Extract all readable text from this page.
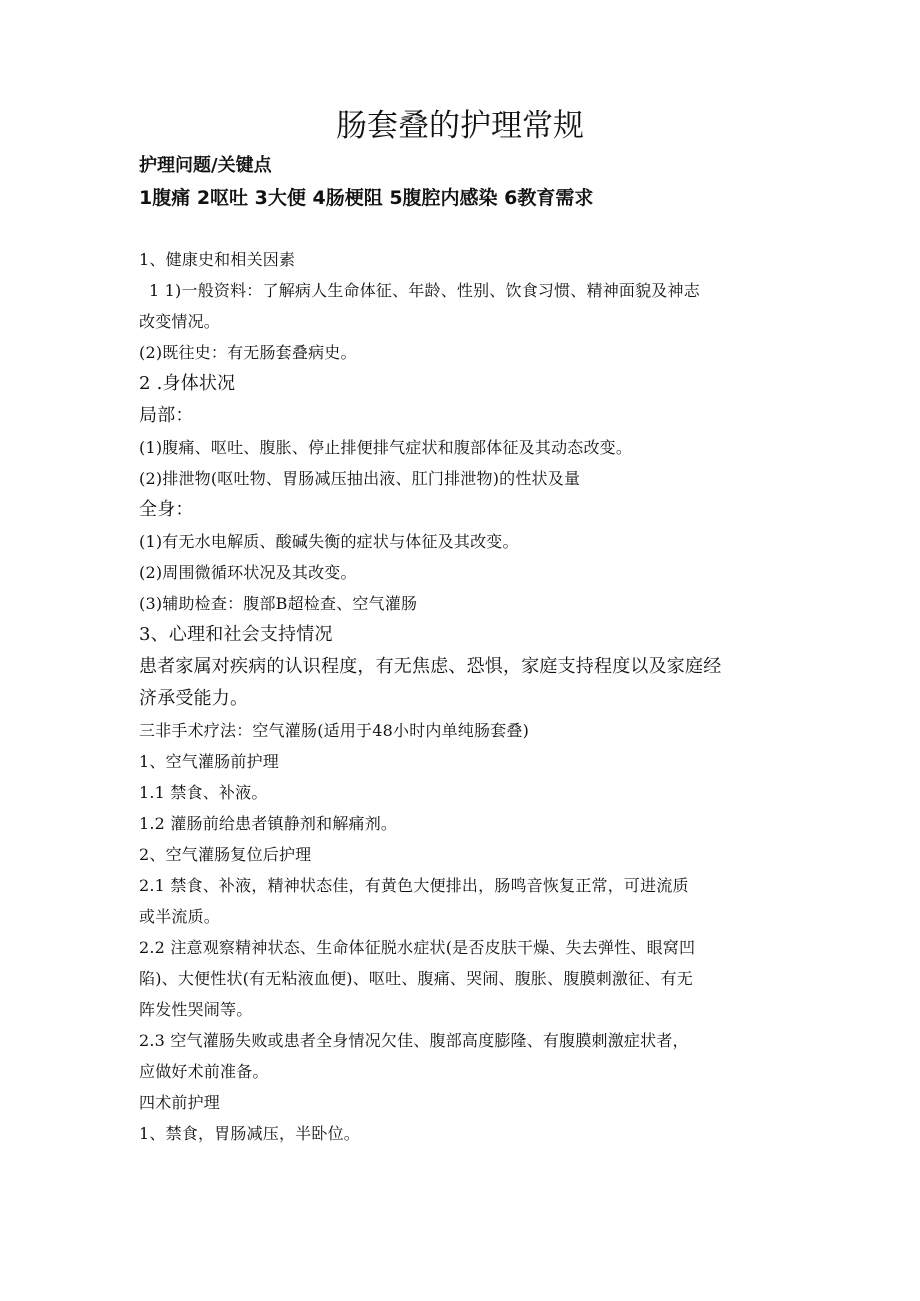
肠套叠的护理常规
护理问题/关键点
1腹痛 2呕吐 3大便 4肠梗阻 5腹腔内感染 6教育需求
1、健康史和相关因素
1 1)一般资料：了解病人生命体征、年龄、性别、饮食习惯、精神面貌及神志
改变情况。
(2)既往史：有无肠套叠病史。
2 .身体状况
局部：
(1)腹痛、呕吐、腹胀、停止排便排气症状和腹部体征及其动态改变。
(2)排泄物(呕吐物、胃肠减压抽出液、肛门排泄物)的性状及量
全身：
(1)有无水电解质、酸碱失衡的症状与体征及其改变。
(2)周围微循环状况及其改变。
(3)辅助检查：腹部B超检查、空气灌肠
3、心理和社会支持情况
患者家属对疾病的认识程度，有无焦虑、恐惧，家庭支持程度以及家庭经
济承受能力。
三非手术疗法：空气灌肠(适用于48小时内单纯肠套叠)
1、空气灌肠前护理
1.1 禁食、补液。
1.2 灌肠前给患者镇静剂和解痛剂。
2、空气灌肠复位后护理
2.1 禁食、补液，精神状态佳，有黄色大便排出，肠鸣音恢复正常，可进流质
或半流质。
2.2 注意观察精神状态、生命体征脱水症状(是否皮肤干燥、失去弹性、眼窝凹
陷)、大便性状(有无粘液血便)、呕吐、腹痛、哭闹、腹胀、腹膜刺激征、有无
阵发性哭闹等。
2.3 空气灌肠失败或患者全身情况欠佳、腹部高度膨隆、有腹膜刺激症状者，
应做好术前准备。
四术前护理
1、禁食，胃肠减压，半卧位。
